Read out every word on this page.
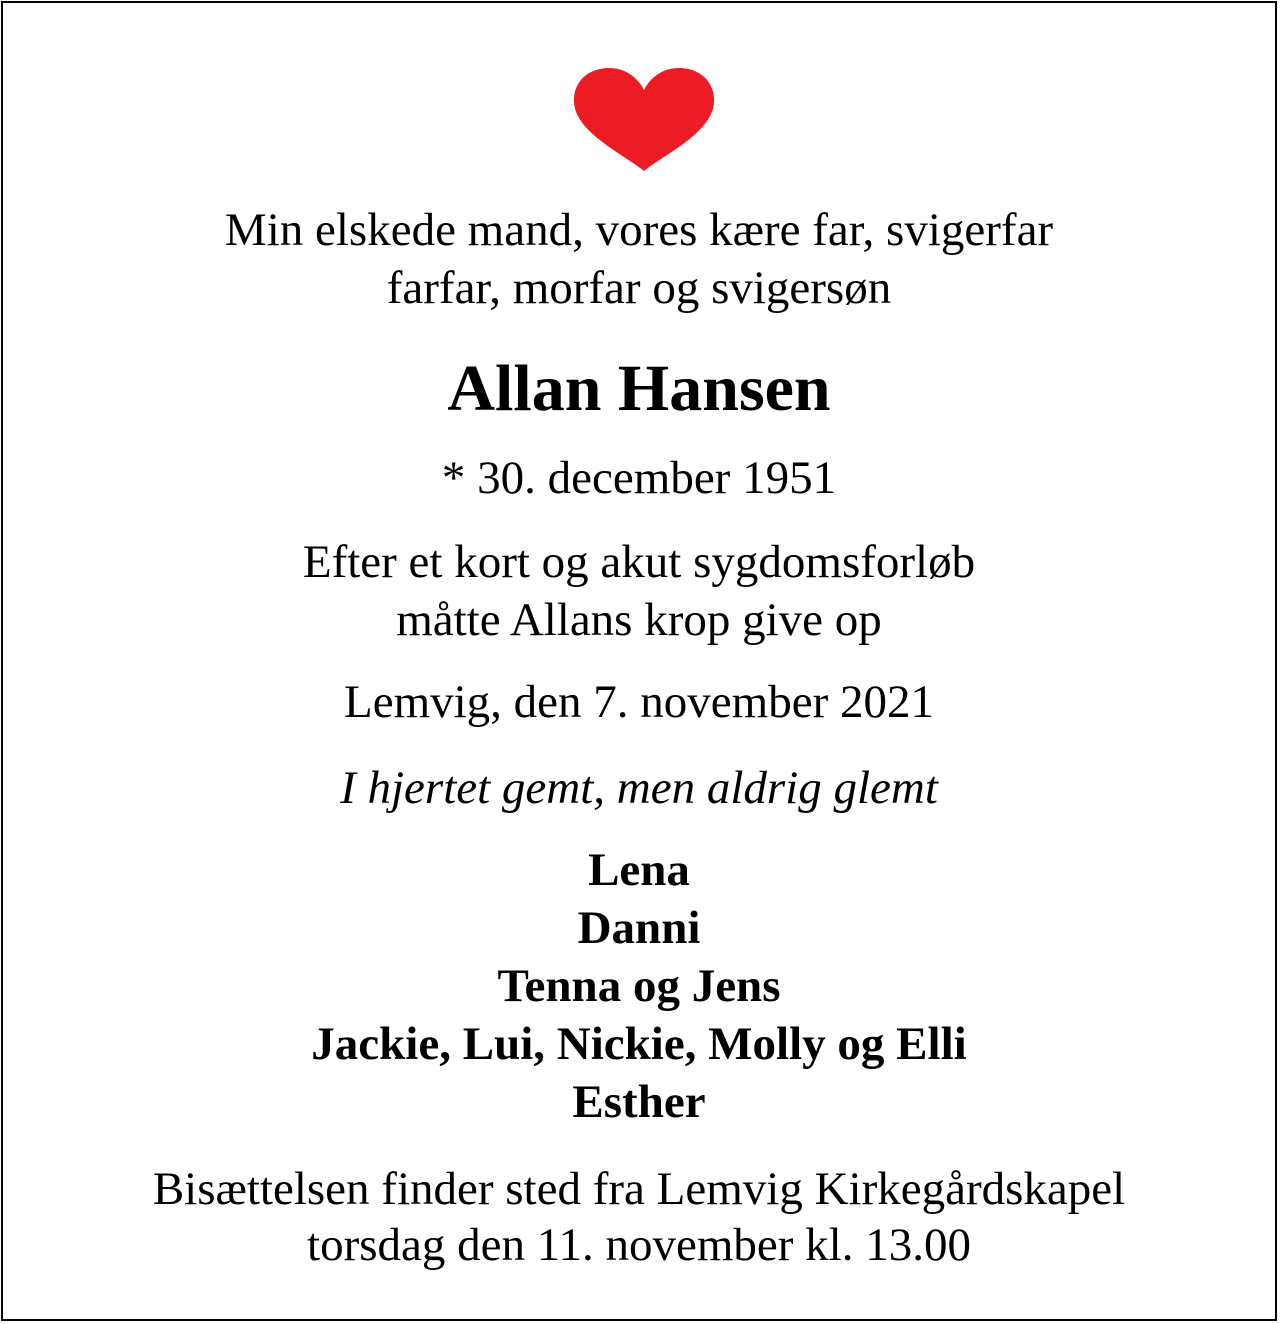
Min elskede mand, vores kære far, svigerfar
farfar, morfar og svigersøn
Allan Hansen
* 30. december 1951
Efter et kort og akut sygdomsforløb
måtte Allans krop give op
Lemvig, den 7. november 2021
I hjertet gemt, men aldrig glemt
Lena
Danni
Tenna og Jens
Jackie, Lui, Nickie, Molly og Elli
Esther
Bisættelsen finder sted fra Lemvig Kirkegårdskapel
torsdag den 11. november kl. 13.00
